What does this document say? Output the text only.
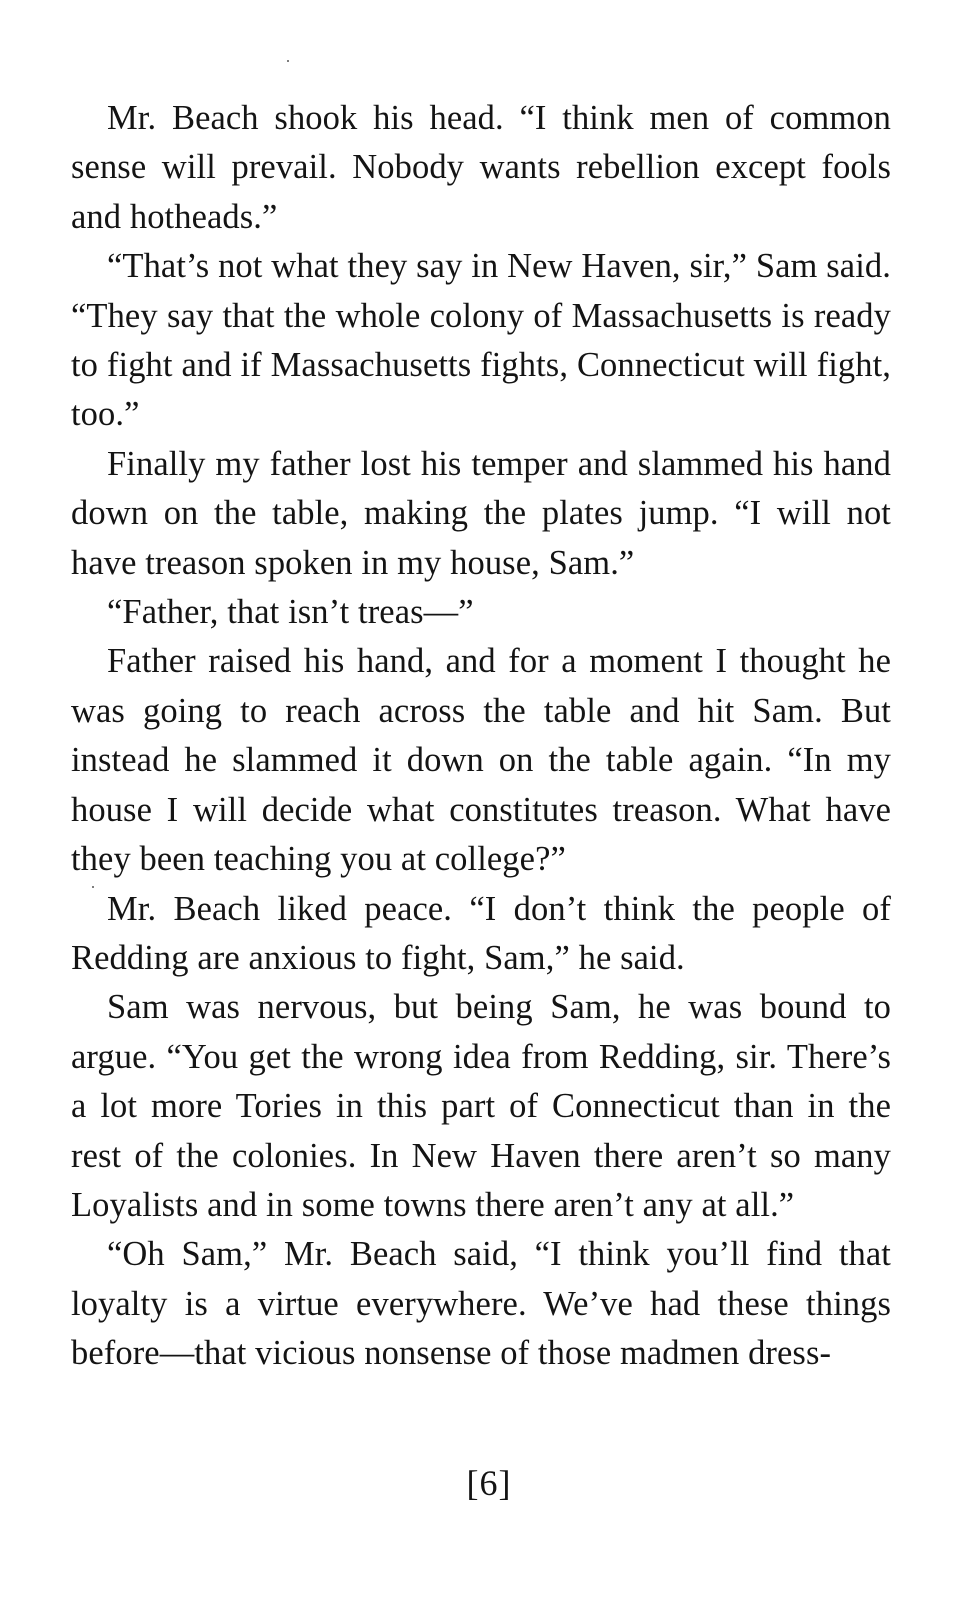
Mr. Beach shook his head. “I think men of common sense will prevail. Nobody wants rebellion except fools and hotheads.”

“That’s not what they say in New Haven, sir,” Sam said. “They say that the whole colony of Massachusetts is ready to fight and if Massachusetts fights, Connecticut will fight, too.”

Finally my father lost his temper and slammed his hand down on the table, making the plates jump. “I will not have treason spoken in my house, Sam.”

“Father, that isn’t treas—”

Father raised his hand, and for a moment I thought he was going to reach across the table and hit Sam. But instead he slammed it down on the table again. “In my house I will decide what constitutes treason. What have they been teaching you at college?”

Mr. Beach liked peace. “I don’t think the people of Redding are anxious to fight, Sam,” he said.

Sam was nervous, but being Sam, he was bound to argue. “You get the wrong idea from Redding, sir. There’s a lot more Tories in this part of Connecticut than in the rest of the colonies. In New Haven there aren’t so many Loyalists and in some towns there aren’t any at all.”

“Oh Sam,” Mr. Beach said, “I think you’ll find that loyalty is a virtue everywhere. We’ve had these things before—that vicious nonsense of those madmen dress-

[6]
